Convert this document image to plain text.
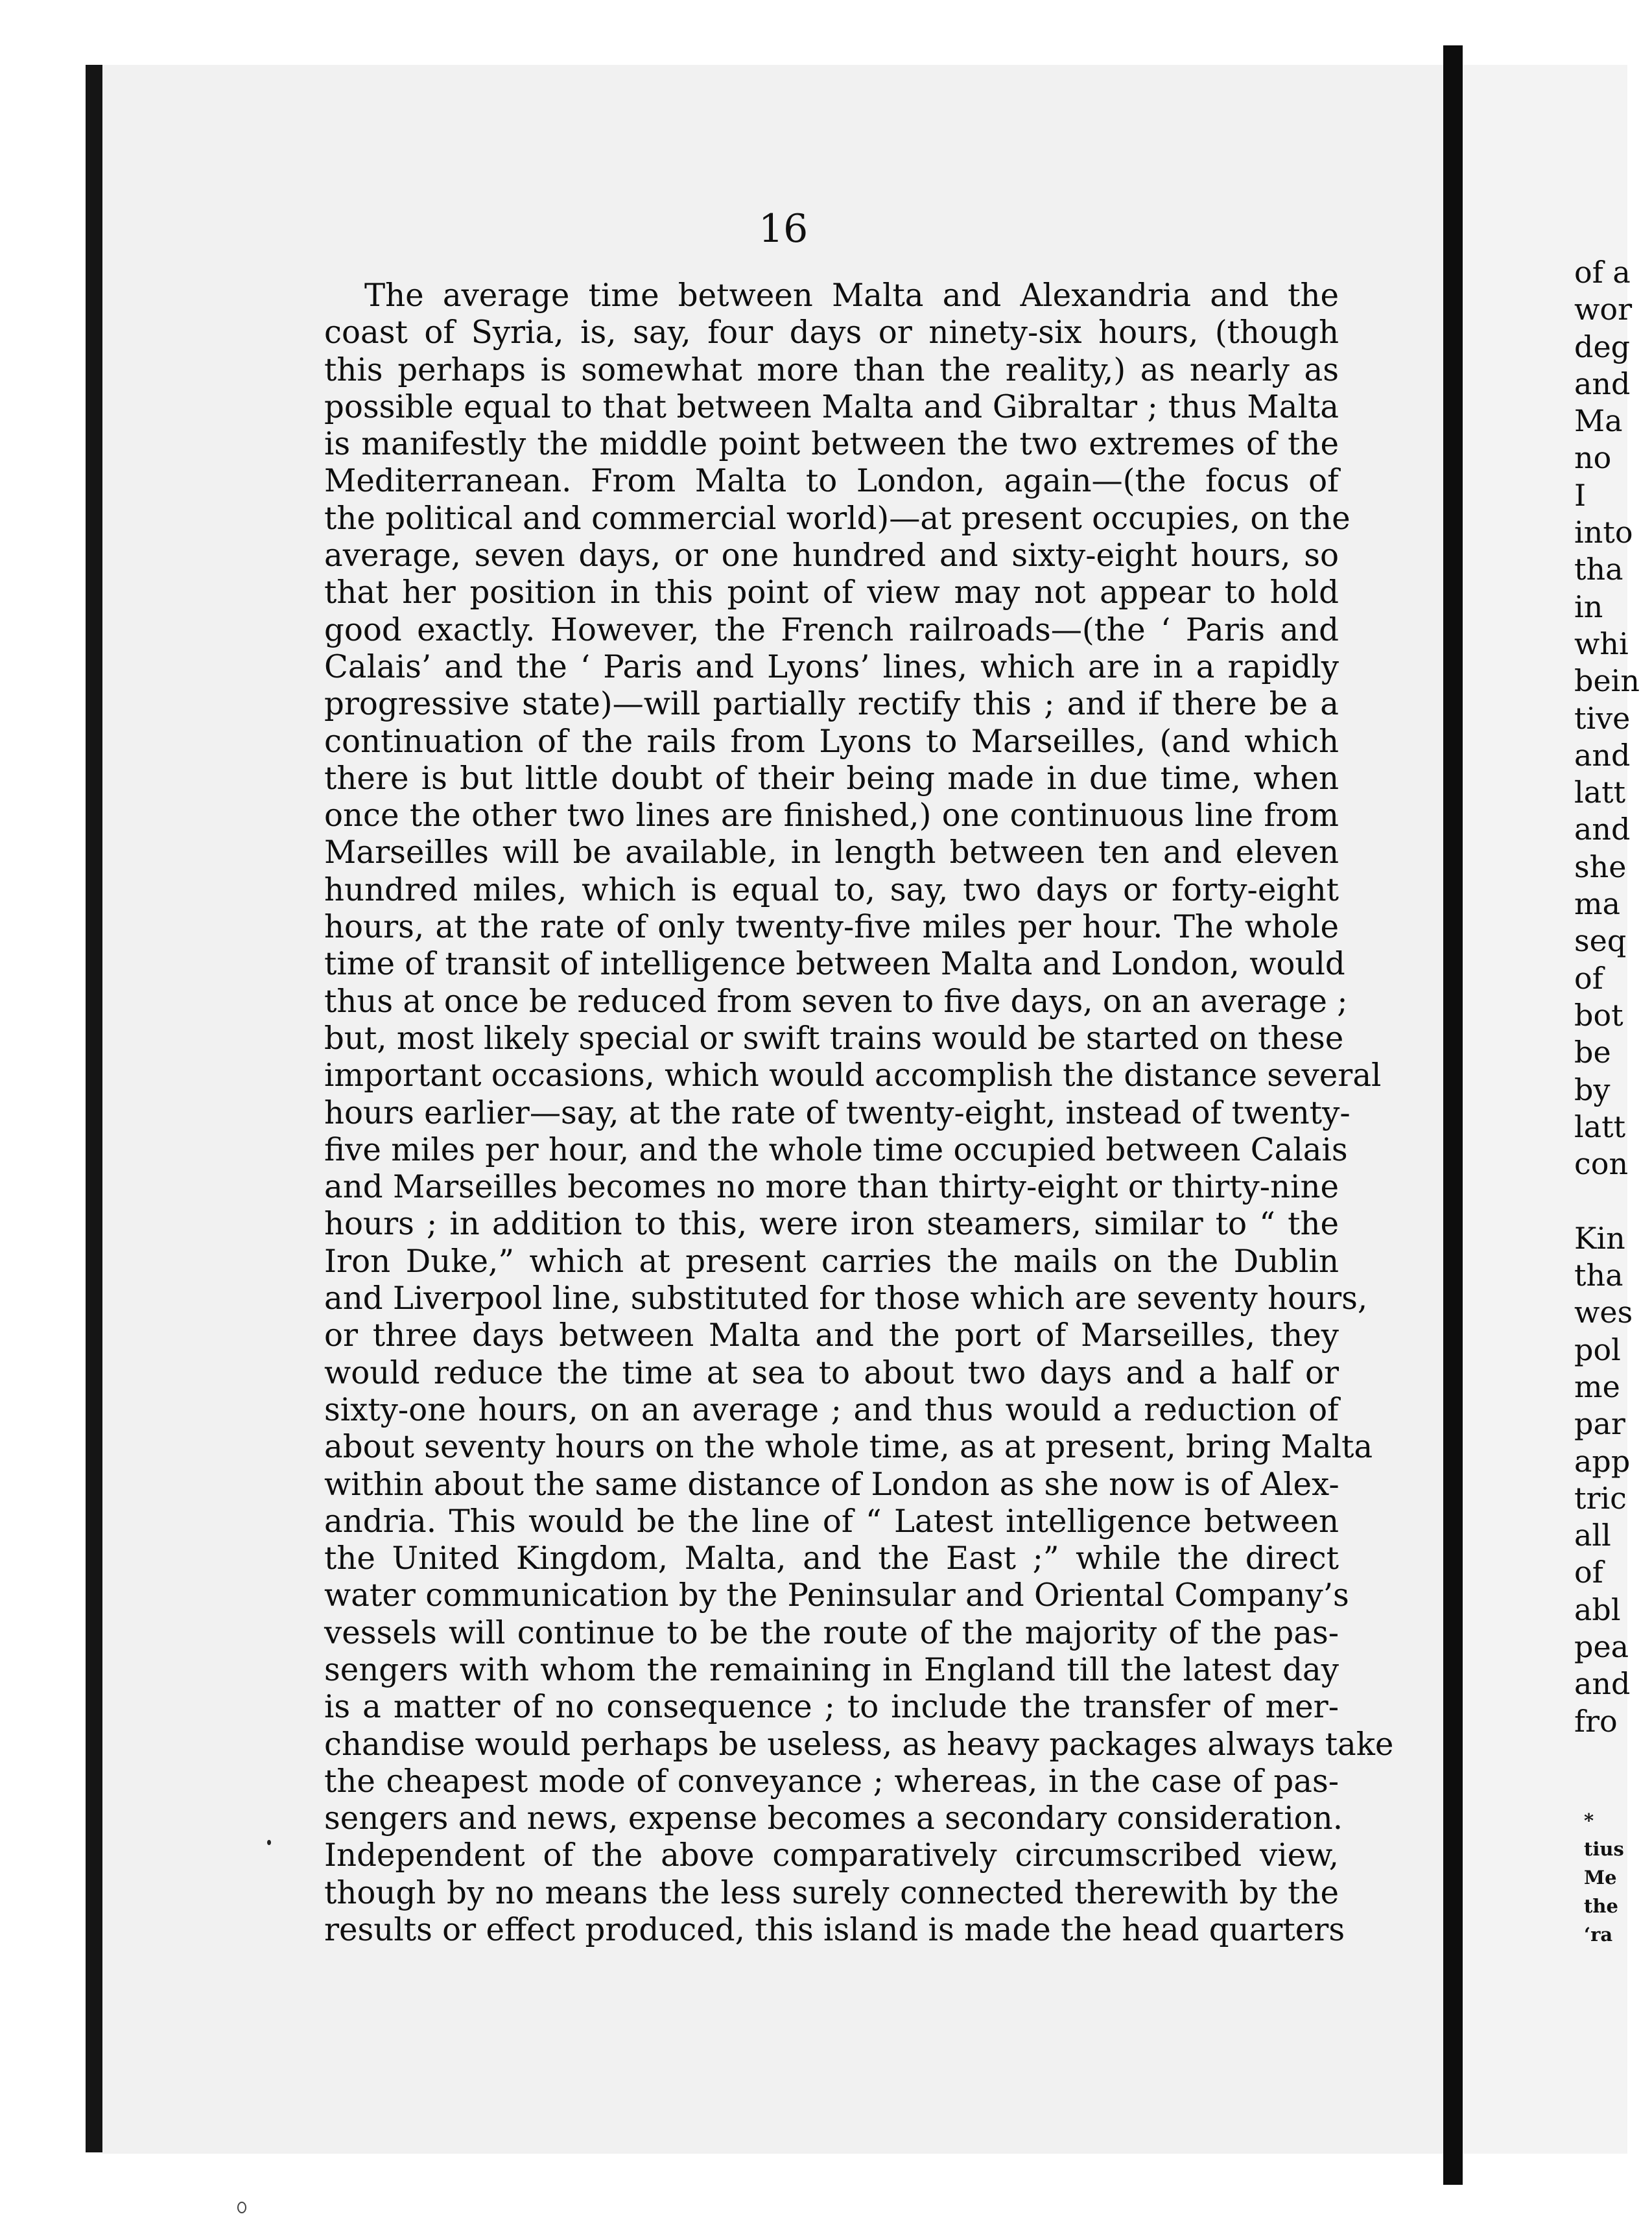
16
The average time between Malta and Alexandria and the
coast of Syria, is, say, four days or ninety-six hours, (though
this perhaps is somewhat more than the reality,) as nearly as
possible equal to that between Malta and Gibraltar ; thus Malta
is manifestly the middle point between the two extremes of the
Mediterranean. From Malta to London, again—(the focus of
the political and commercial world)—at present occupies, on the
average, seven days, or one hundred and sixty-eight hours, so
that her position in this point of view may not appear to hold
good exactly. However, the French railroads—(the ‘ Paris and
Calais’ and the ‘ Paris and Lyons’ lines, which are in a rapidly
progressive state)—will partially rectify this ; and if there be a
continuation of the rails from Lyons to Marseilles, (and which
there is but little doubt of their being made in due time, when
once the other two lines are finished,) one continuous line from
Marseilles will be available, in length between ten and eleven
hundred miles, which is equal to, say, two days or forty-eight
hours, at the rate of only twenty-five miles per hour. The whole
time of transit of intelligence between Malta and London, would
thus at once be reduced from seven to five days, on an average ;
but, most likely special or swift trains would be started on these
important occasions, which would accomplish the distance several
hours earlier—say, at the rate of twenty-eight, instead of twenty-
five miles per hour, and the whole time occupied between Calais
and Marseilles becomes no more than thirty-eight or thirty-nine
hours ; in addition to this, were iron steamers, similar to “ the
Iron Duke,” which at present carries the mails on the Dublin
and Liverpool line, substituted for those which are seventy hours,
or three days between Malta and the port of Marseilles, they
would reduce the time at sea to about two days and a half or
sixty-one hours, on an average ; and thus would a reduction of
about seventy hours on the whole time, as at present, bring Malta
within about the same distance of London as she now is of Alex-
andria. This would be the line of “ Latest intelligence between
the United Kingdom, Malta, and the East ;” while the direct
water communication by the Peninsular and Oriental Company’s
vessels will continue to be the route of the majority of the pas-
sengers with whom the remaining in England till the latest day
is a matter of no consequence ; to include the transfer of mer-
chandise would perhaps be useless, as heavy packages always take
the cheapest mode of conveyance ; whereas, in the case of pas-
sengers and news, expense becomes a secondary consideration.
Independent of the above comparatively circumscribed view,
though by no means the less surely connected therewith by the
results or effect produced, this island is made the head quarters
of a
wor
deg
and
Ma
no
I
into
tha
in
whi
bein
tive
and
latt
and
she
ma
seq
of
bot
be
by
latt
con
Kin
tha
wes
pol
me
par
app
tric
all
of
abl
pea
and
fro
*
tius
Me
the
‘ra
